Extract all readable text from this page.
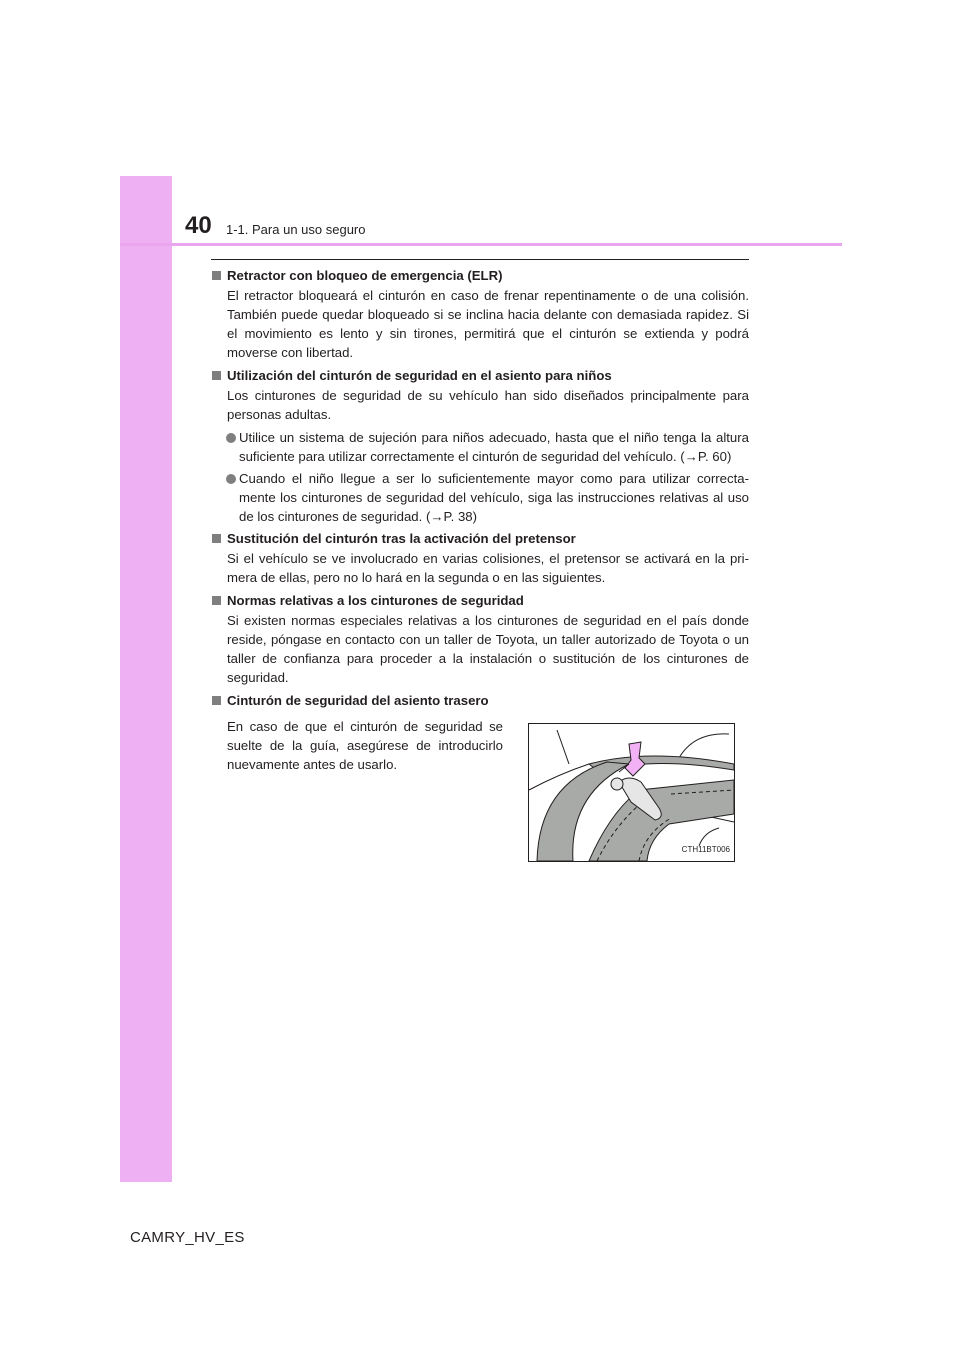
40 1-1. Para un uso seguro
Retractor con bloqueo de emergencia (ELR)

El retractor bloqueará el cinturón en caso de frenar repentinamente o de una colisión. También puede quedar bloqueado si se inclina hacia delante con demasiada rapidez. Si el movimiento es lento y sin tirones, permitirá que el cinturón se extienda y podrá moverse con libertad.

Utilización del cinturón de seguridad en el asiento para niños

Los cinturones de seguridad de su vehículo han sido diseñados principalmente para personas adultas.

Utilice un sistema de sujeción para niños adecuado, hasta que el niño tenga la altura suficiente para utilizar correctamente el cinturón de seguridad del vehículo. (→P. 60)
Cuando el niño llegue a ser lo suficientemente mayor como para utilizar correcta-mente los cinturones de seguridad del vehículo, siga las instrucciones relativas al uso de los cinturones de seguridad. (→P. 38)
Sustitución del cinturón tras la activación del pretensor

Si el vehículo se ve involucrado en varias colisiones, el pretensor se activará en la pri-mera de ellas, pero no lo hará en la segunda o en las siguientes.

Normas relativas a los cinturones de seguridad

Si existen normas especiales relativas a los cinturones de seguridad en el país donde reside, póngase en contacto con un taller de Toyota, un taller autorizado de Toyota o un taller de confianza para proceder a la instalación o sustitución de los cinturones de seguridad.

Cinturón de seguridad del asiento trasero

En caso de que el cinturón de seguridad se suelte de la guía, asegúrese de introducirlo nuevamente antes de usarlo.

CTH11BT006
CAMRY_HV_ES
